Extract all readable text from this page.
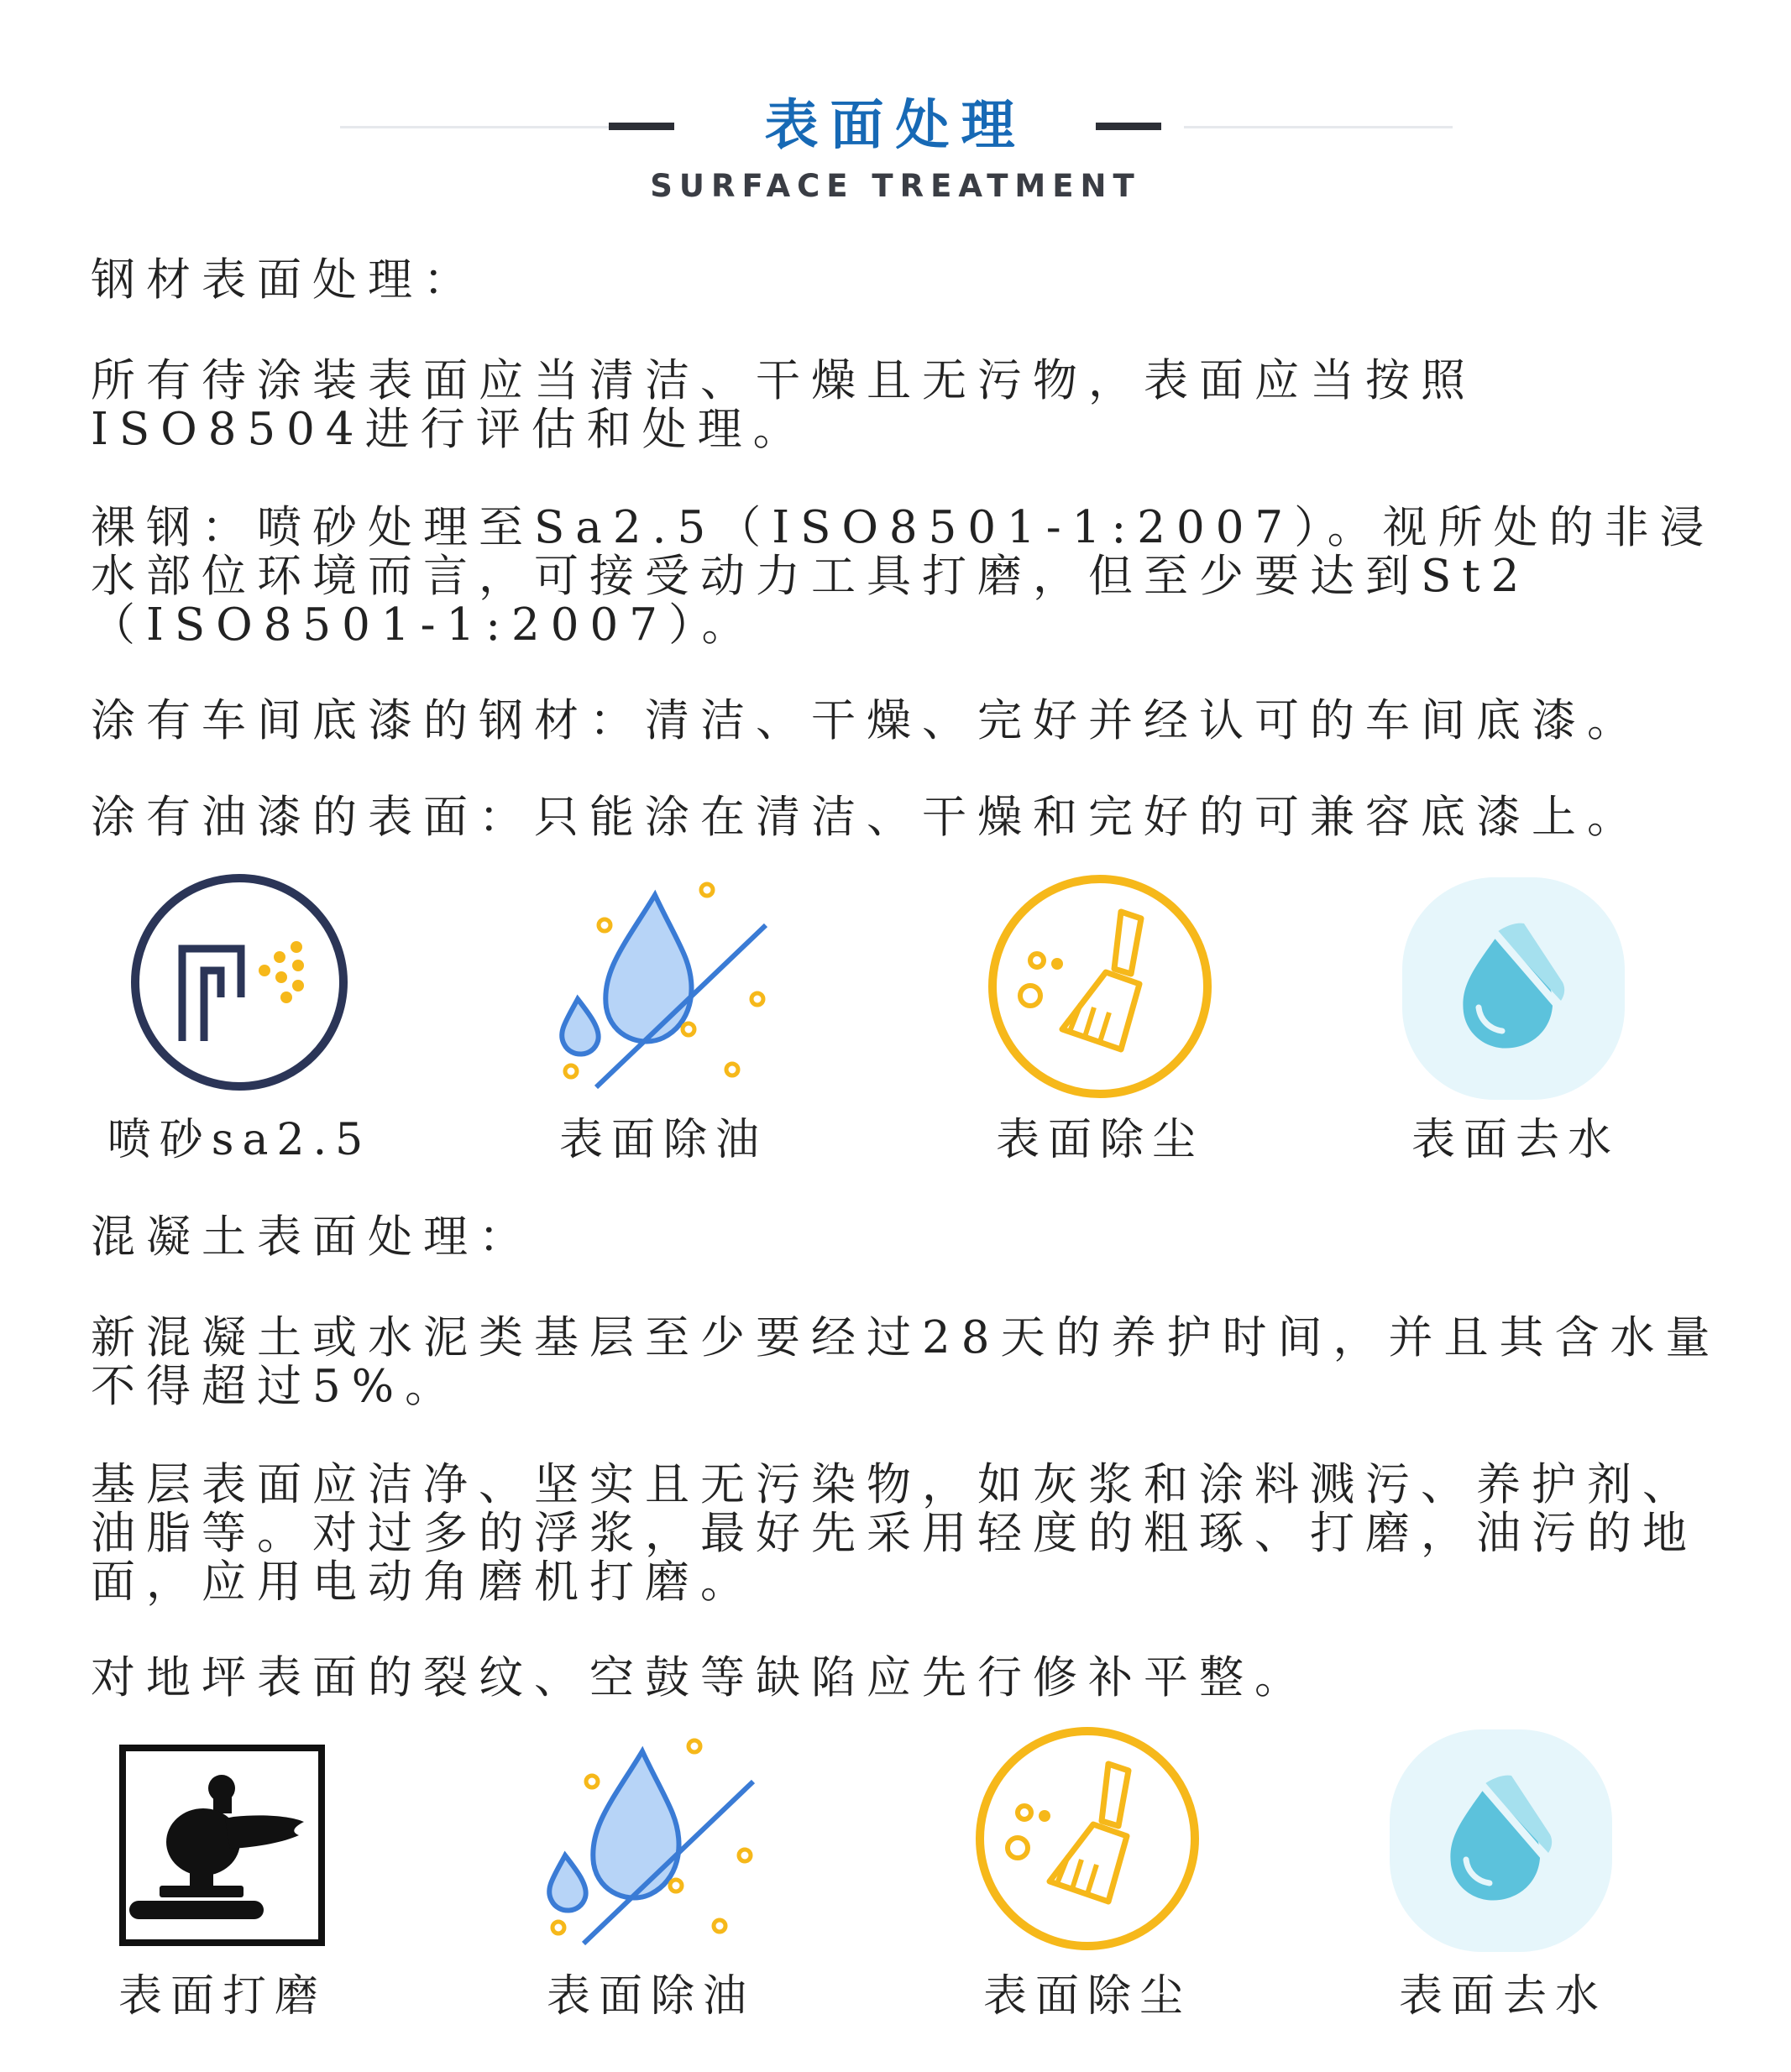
表面处理
SURFACE TREATMENT

钢材表面处理：

所有待涂装表面应当清洁、干燥且无污物，表面应当按照ISO8504进行评估和处理。

裸钢：喷砂处理至Sa2.5（ISO8501-1:2007）。视所处的非浸水部位环境而言，可接受动力工具打磨，但至少要达到St2（ISO8501-1:2007）。

涂有车间底漆的钢材：清洁、干燥、完好并经认可的车间底漆。

涂有油漆的表面：只能涂在清洁、干燥和完好的可兼容底漆上。

喷砂sa2.5	表面除油	表面除尘	表面去水

混凝土表面处理：

新混凝土或水泥类基层至少要经过28天的养护时间，并且其含水量不得超过5%。

基层表面应洁净、坚实且无污染物，如灰浆和涂料溅污、养护剂、油脂等。对过多的浮浆，最好先采用轻度的粗琢、打磨，油污的地面，应用电动角磨机打磨。

对地坪表面的裂纹、空鼓等缺陷应先行修补平整。

表面打磨	表面除油	表面除尘	表面去水
